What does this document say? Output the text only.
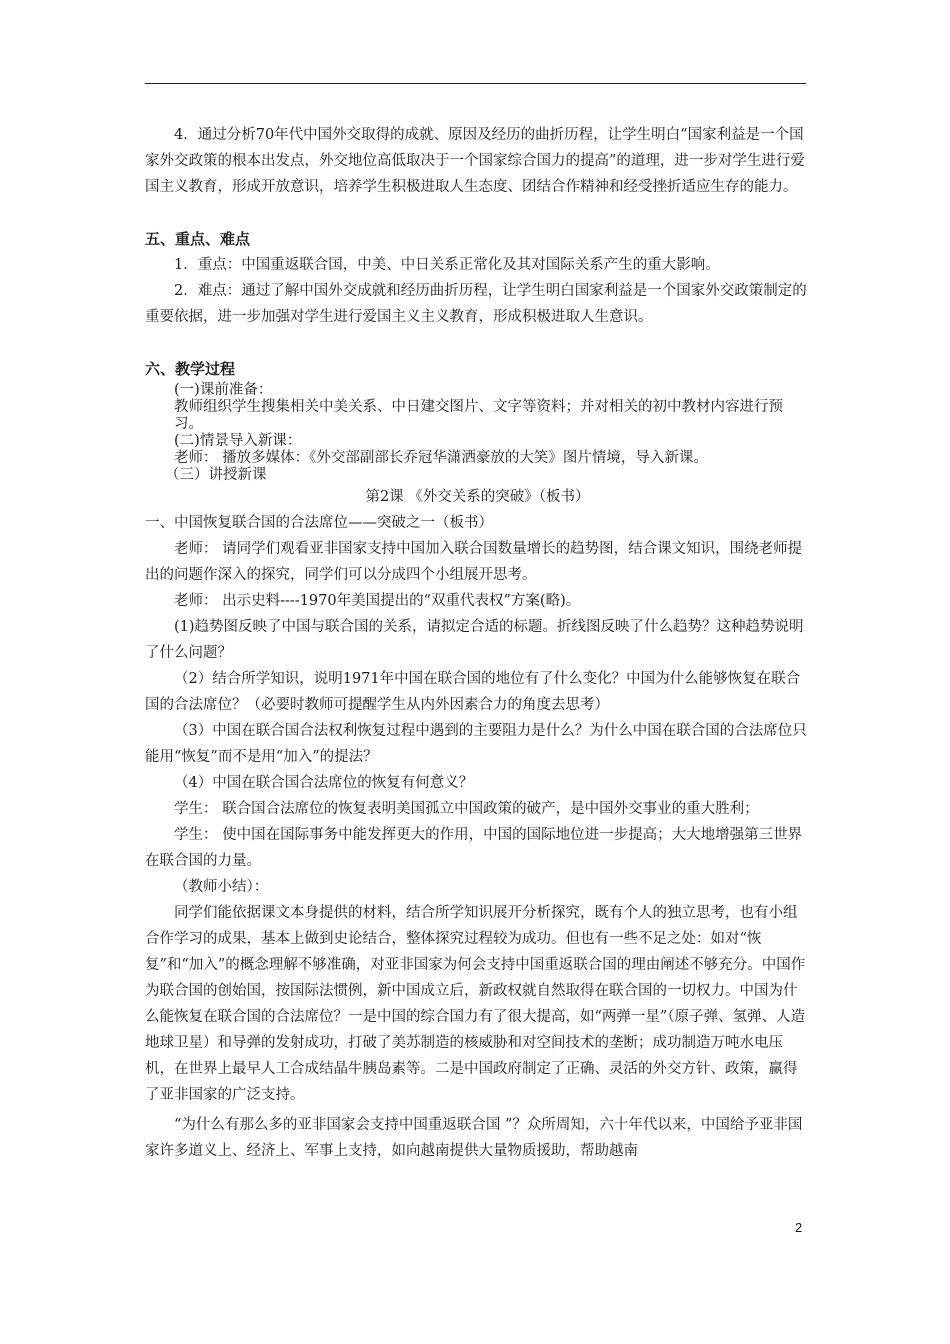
4．通过分析70年代中国外交取得的成就、原因及经历的曲折历程，让学生明白“国家利益是一个国家外交政策的根本出发点，外交地位高低取决于一个国家综合国力的提高”的道理，进一步对学生进行爱国主义教育，形成开放意识，培养学生积极进取人生态度、团结合作精神和经受挫折适应生存的能力。

五、重点、难点

1．重点：中国重返联合国，中美、中日关系正常化及其对国际关系产生的重大影响。

2．难点：通过了解中国外交成就和经历曲折历程，让学生明白国家利益是一个国家外交政策制定的重要依据，进一步加强对学生进行爱国主义主义教育，形成积极进取人生意识。

六、教学过程

(一)课前准备：

教师组织学生搜集相关中美关系、中日建交图片、文字等资料；并对相关的初中教材内容进行预习。

(二)情景导入新课：

老师： 播放多媒体：《外交部副部长乔冠华潇洒豪放的大笑》图片情境，导入新课。

（三）讲授新课

第2课 《外交关系的突破》（板书）

一、中国恢复联合国的合法席位——突破之一（板书）

老师： 请同学们观看亚非国家支持中国加入联合国数量增长的趋势图，结合课文知识，围绕老师提出的问题作深入的探究，同学们可以分成四个小组展开思考。

老师： 出示史料----1970年美国提出的“双重代表权”方案(略)。

(1)趋势图反映了中国与联合国的关系，请拟定合适的标题。折线图反映了什么趋势？这种趋势说明了什么问题？

（2）结合所学知识，说明1971年中国在联合国的地位有了什么变化？中国为什么能够恢复在联合国的合法席位？（必要时教师可提醒学生从内外因素合力的角度去思考）

（3）中国在联合国合法权利恢复过程中遇到的主要阻力是什么？为什么中国在联合国的合法席位只能用“恢复”而不是用“加入”的提法？

（4）中国在联合国合法席位的恢复有何意义？

学生： 联合国合法席位的恢复表明美国孤立中国政策的破产，是中国外交事业的重大胜利；

学生： 使中国在国际事务中能发挥更大的作用，中国的国际地位进一步提高；大大地增强第三世界在联合国的力量。

（教师小结）：

同学们能依据课文本身提供的材料，结合所学知识展开分析探究，既有个人的独立思考，也有小组合作学习的成果，基本上做到史论结合，整体探究过程较为成功。但也有一些不足之处：如对“恢复”和“加入”的概念理解不够准确，对亚非国家为何会支持中国重返联合国的理由阐述不够充分。中国作为联合国的创始国，按国际法惯例，新中国成立后，新政权就自然取得在联合国的一切权力。中国为什么能恢复在联合国的合法席位？一是中国的综合国力有了很大提高，如“两弹一星”（原子弹、氢弹、人造地球卫星）和导弹的发射成功，打破了美苏制造的核威胁和对空间技术的垄断；成功制造万吨水电压机，在世界上最早人工合成结晶牛胰岛素等。二是中国政府制定了正确、灵活的外交方针、政策，赢得了亚非国家的广泛支持。

“为什么有那么多的亚非国家会支持中国重返联合国 ”？众所周知，六十年代以来，中国给予亚非国家许多道义上、经济上、军事上支持，如向越南提供大量物质援助，帮助越南

2
